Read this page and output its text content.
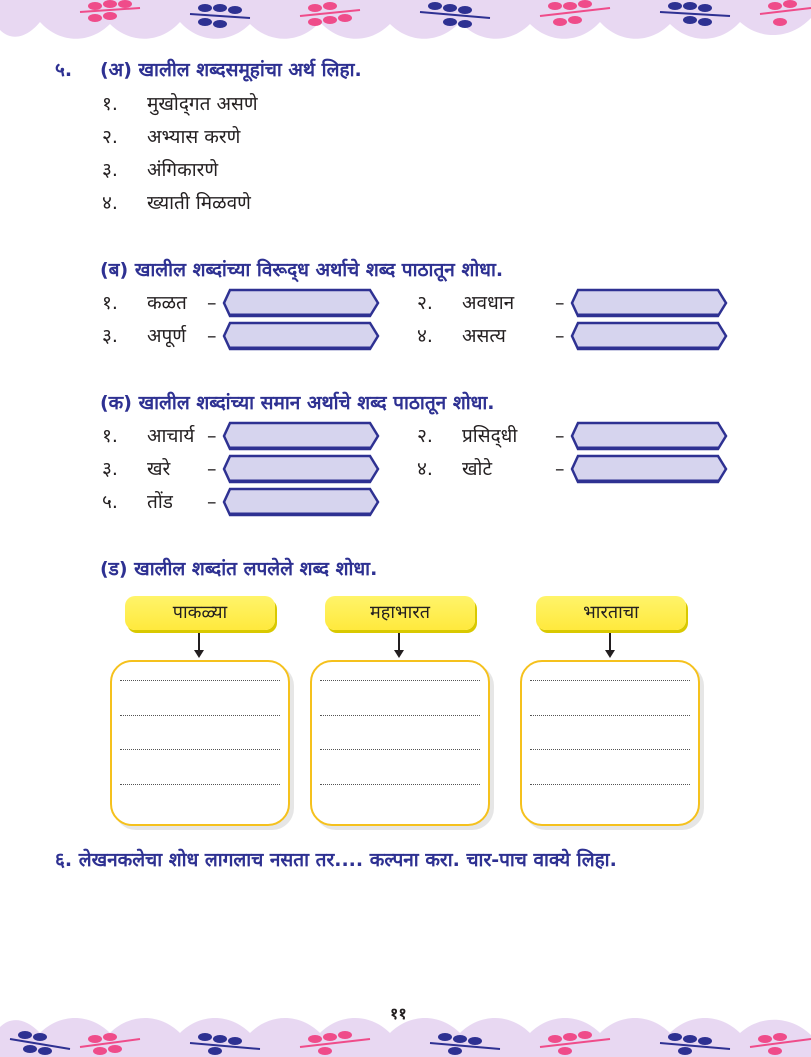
५. (अ) खालील शब्दसमूहांचा अर्थ लिहा.
१. मुखोद्‌गत असणे
२. अभ्यास करणे
३. अंगिकारणे
४. ख्याती मिळवणे
(ब) खालील शब्दांच्या विरूद्‌ध अर्थाचे शब्द पाठातून शोधा.
१. कळत –	२. अवधान –
३. अपूर्ण –	४. असत्य	–
(क) खालील शब्दांच्या समान अर्थाचे शब्द पाठातून शोधा.
१. आचार्य –	२. प्रसिद्‌धी –
३. खरे –	४. खोटे	–
५. तोंड –
(ड) खालील शब्दांत लपलेले शब्द शोधा.
पाकळ्या	महाभारत	भारताचा
६. लेखनकलेचा शोध लागलाच नसता तर.... कल्पना करा. चार-पाच वाक्ये लिहा.
११
